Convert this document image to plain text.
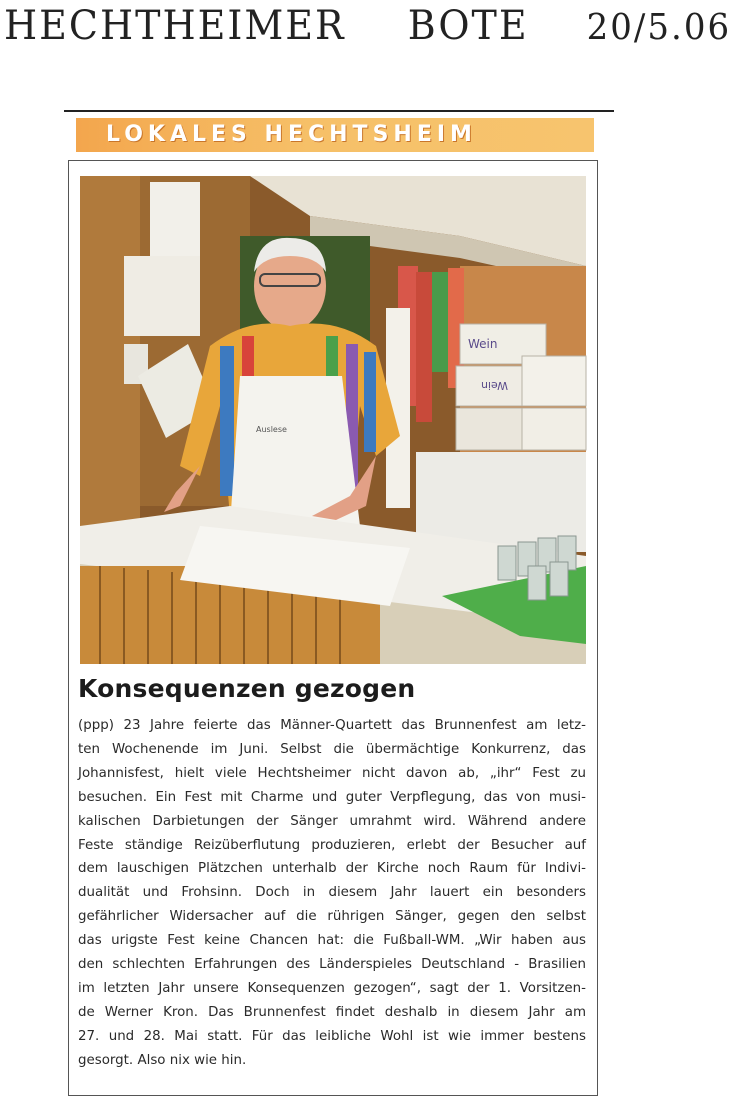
HECHTHEIMER BOTE 20/5.06
LOKALES HECHTSHEIM
Wein
Wein
Auslese
Konsequenzen gezogen
(ppp) 23 Jahre feierte das Männer-Quartett das Brunnenfest am letz-
ten Wochenende im Juni. Selbst die übermächtige Konkurrenz, das
Johannisfest, hielt viele Hechtsheimer nicht davon ab, „ihr“ Fest zu
besuchen. Ein Fest mit Charme und guter Verpflegung, das von musi-
kalischen Darbietungen der Sänger umrahmt wird. Während andere
Feste ständige Reizüberflutung produzieren, erlebt der Besucher auf
dem lauschigen Plätzchen unterhalb der Kirche noch Raum für Indivi-
dualität und Frohsinn. Doch in diesem Jahr lauert ein besonders
gefährlicher Widersacher auf die rührigen Sänger, gegen den selbst
das urigste Fest keine Chancen hat: die Fußball-WM. „Wir haben aus
den schlechten Erfahrungen des Länderspieles Deutschland - Brasilien
im letzten Jahr unsere Konsequenzen gezogen“, sagt der 1. Vorsitzen-
de Werner Kron. Das Brunnenfest findet deshalb in diesem Jahr am
27. und 28. Mai statt. Für das leibliche Wohl ist wie immer bestens
gesorgt. Also nix wie hin.
